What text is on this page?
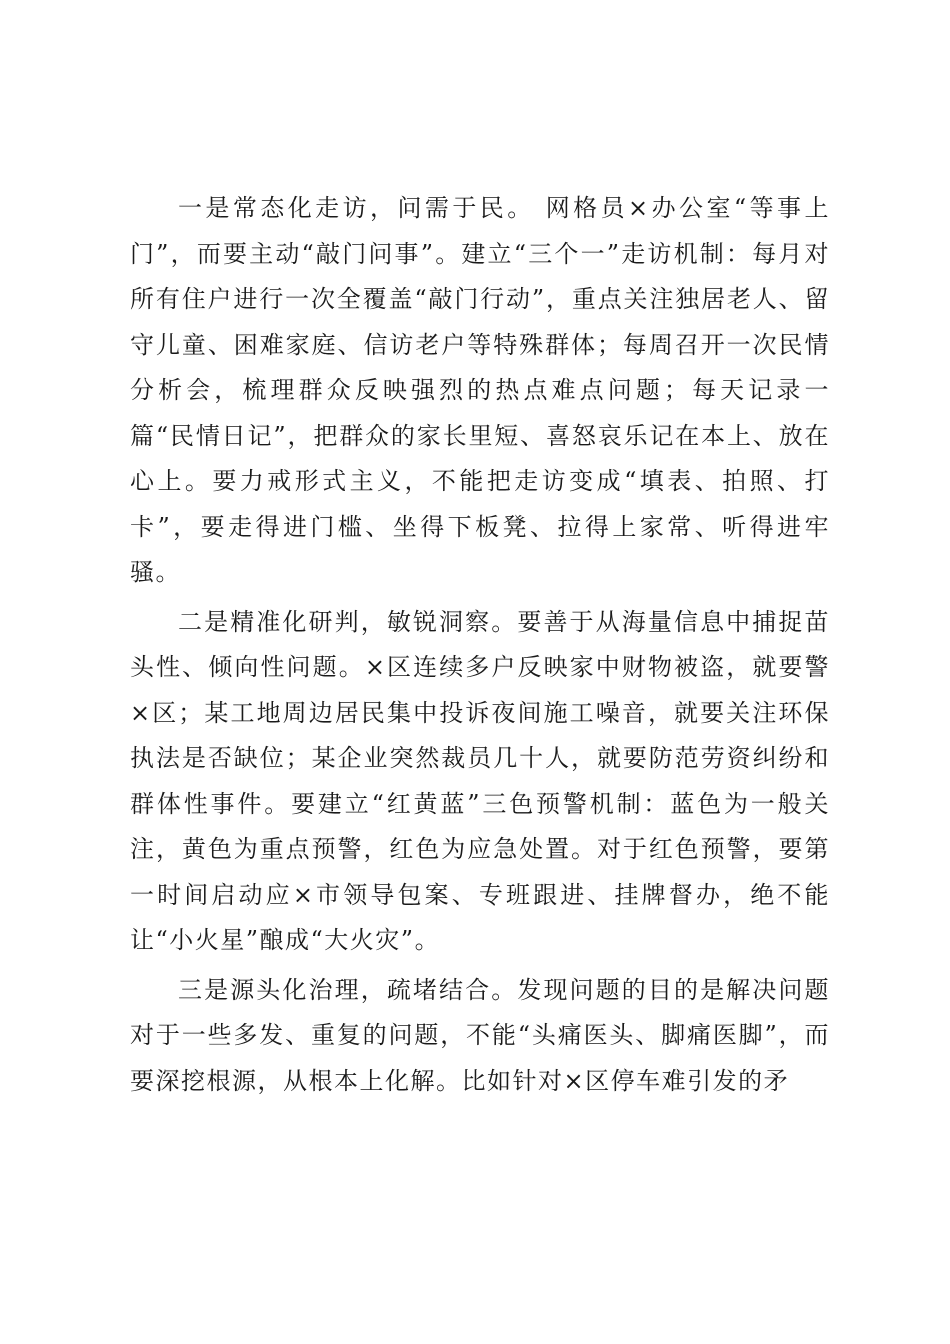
一是常态化走访，问需于民。 网格员×办公室“等事上门”，而要主动“敲门问事”。建立“三个一”走访机制：每月对所有住户进行一次全覆盖“敲门行动”，重点关注独居老人、留守儿童、困难家庭、信访老户等特殊群体；每周召开一次民情分析会，梳理群众反映强烈的热点难点问题；每天记录一篇“民情日记”，把群众的家长里短、喜怒哀乐记在本上、放在心上。要力戒形式主义，不能把走访变成“填表、拍照、打卡”，要走得进门槛、坐得下板凳、拉得上家常、听得进牢骚。

二是精准化研判，敏锐洞察。要善于从海量信息中捕捉苗头性、倾向性问题。×区连续多户反映家中财物被盗，就要警×区；某工地周边居民集中投诉夜间施工噪音，就要关注环保执法是否缺位；某企业突然裁员几十人，就要防范劳资纠纷和群体性事件。要建立“红黄蓝”三色预警机制：蓝色为一般关注，黄色为重点预警，红色为应急处置。对于红色预警，要第一时间启动应×市领导包案、专班跟进、挂牌督办，绝不能让“小火星”酿成“大火灾”。

三是源头化治理，疏堵结合。发现问题的目的是解决问题对于一些多发、重复的问题，不能“头痛医头、脚痛医脚”，而要深挖根源，从根本上化解。比如针对×区停车难引发的矛
